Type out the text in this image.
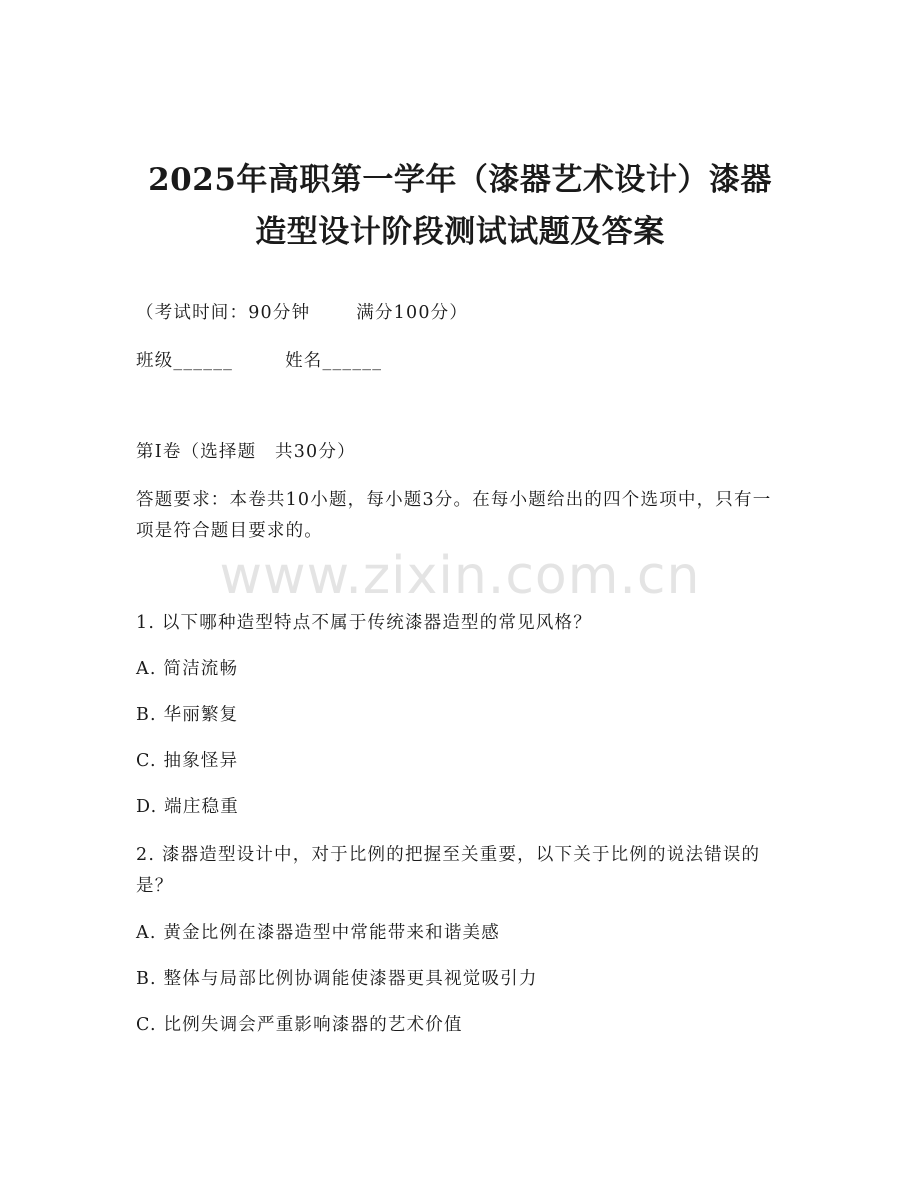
2025年高职第一学年（漆器艺术设计）漆器
造型设计阶段测试试题及答案
（考试时间：90分钟	满分100分）
班级______	姓名______
第I卷（选择题　共30分）
答题要求：本卷共10小题，每小题3分。在每小题给出的四个选项中，只有一项是符合题目要求的。
www.zixin.com.cn
1. 以下哪种造型特点不属于传统漆器造型的常见风格？
A. 简洁流畅
B. 华丽繁复
C. 抽象怪异
D. 端庄稳重
2. 漆器造型设计中，对于比例的把握至关重要，以下关于比例的说法错误的是？
A. 黄金比例在漆器造型中常能带来和谐美感
B. 整体与局部比例协调能使漆器更具视觉吸引力
C. 比例失调会严重影响漆器的艺术价值
